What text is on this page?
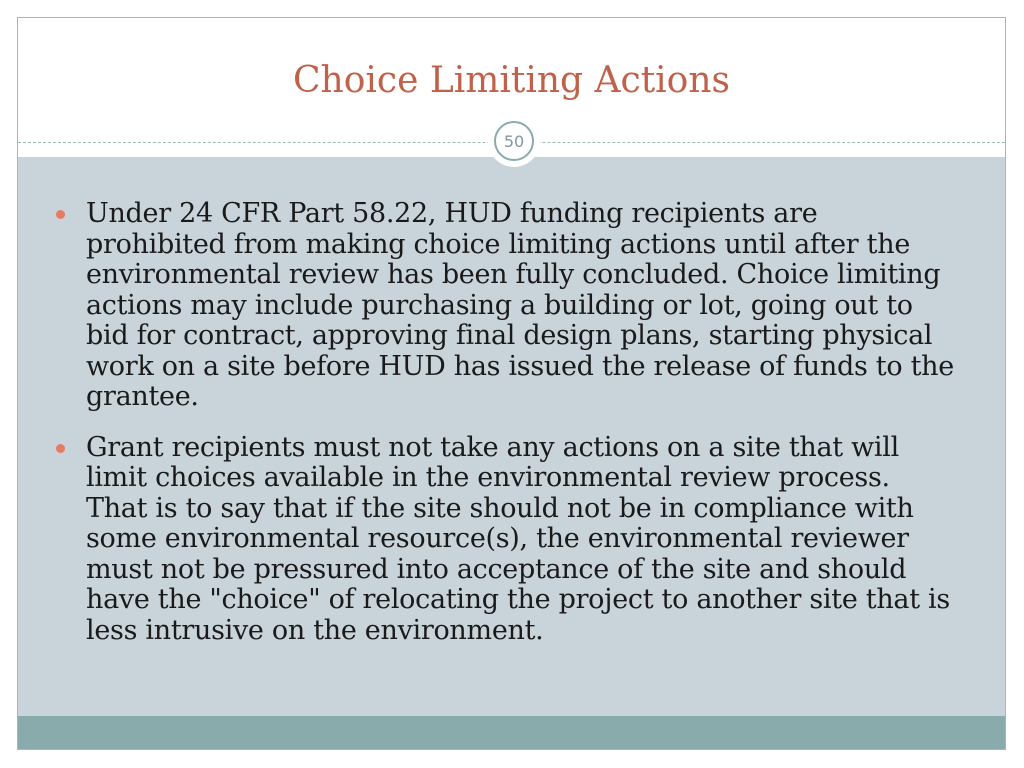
Choice Limiting Actions
Under 24 CFR Part 58.22, HUD funding recipients are prohibited from making choice limiting actions until after the environmental review has been fully concluded. Choice limiting actions may include purchasing a building or lot, going out to bid for contract, approving final design plans, starting physical work on a site before HUD has issued the release of funds to the grantee.
Grant recipients must not take any actions on a site that will limit choices available in the environmental review process. That is to say that if the site should not be in compliance with some environmental resource(s), the environmental reviewer must not be pressured into acceptance of the site and should have the "choice" of relocating the project to another site that is less intrusive on the environment.
50
